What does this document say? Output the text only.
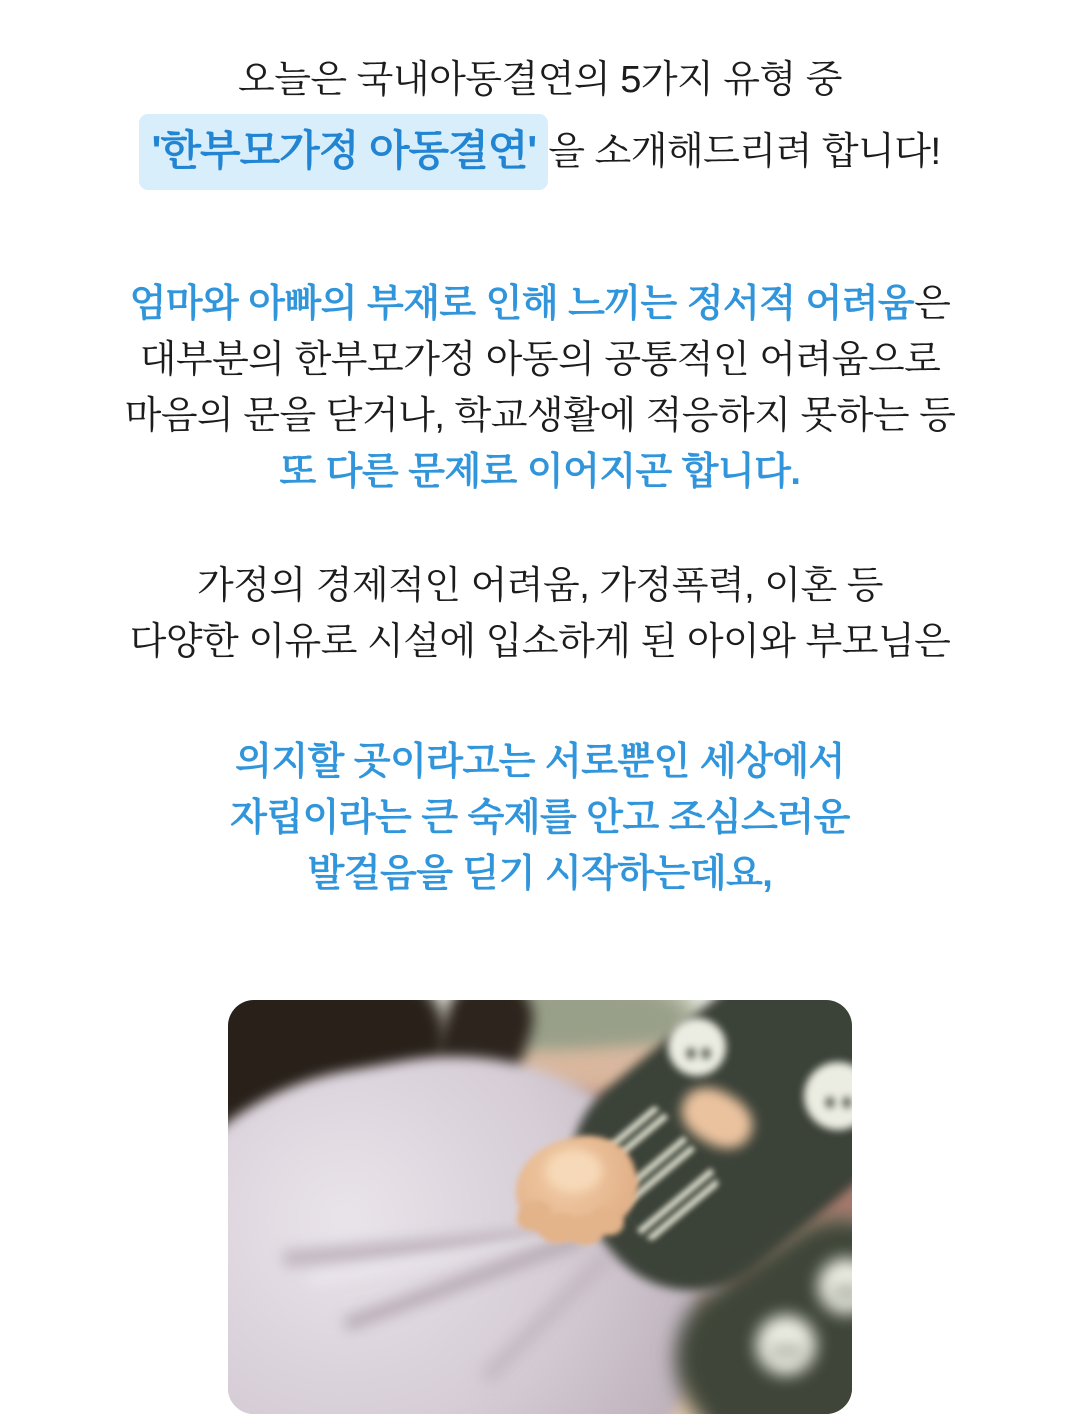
오늘은 국내아동결연의 5가지 유형 중
'한부모가정 아동결연' 을 소개해드리려 합니다!
엄마와 아빠의 부재로 인해 느끼는 정서적 어려움은
대부분의 한부모가정 아동의 공통적인 어려움으로
마음의 문을 닫거나, 학교생활에 적응하지 못하는 등
또 다른 문제로 이어지곤 합니다.
가정의 경제적인 어려움, 가정폭력, 이혼 등
다양한 이유로 시설에 입소하게 된 아이와 부모님은
의지할 곳이라고는 서로뿐인 세상에서
자립이라는 큰 숙제를 안고 조심스러운
발걸음을 딛기 시작하는데요,
